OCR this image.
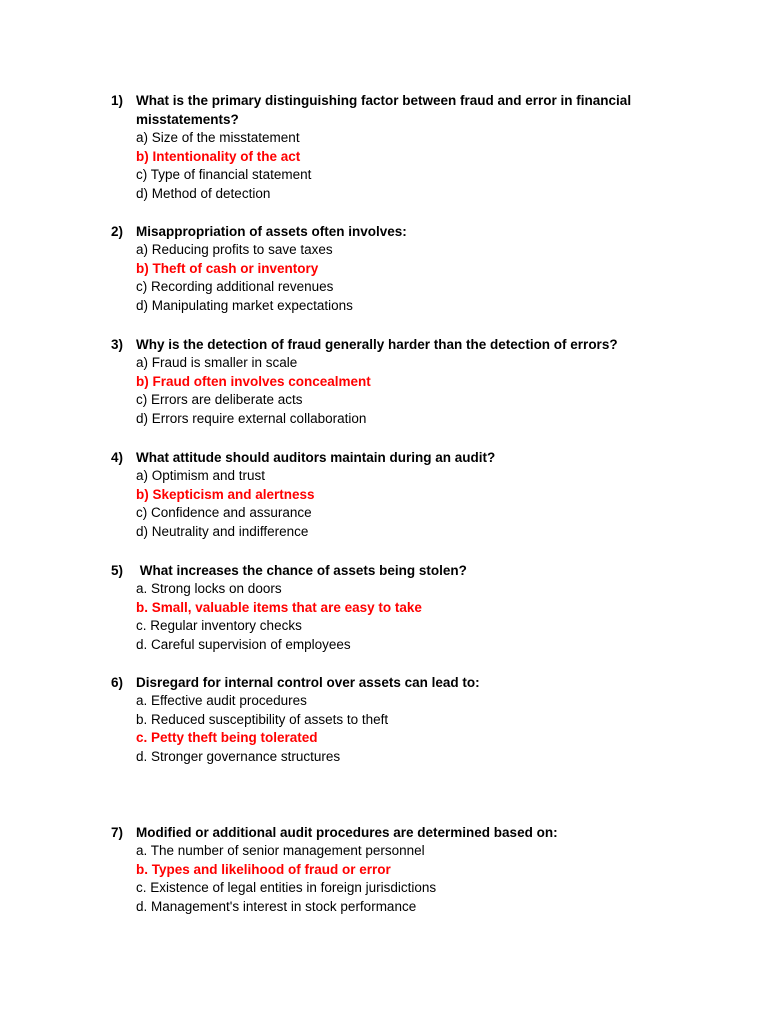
1) What is the primary distinguishing factor between fraud and error in financial misstatements?
a) Size of the misstatement
b) Intentionality of the act
c) Type of financial statement
d) Method of detection
2) Misappropriation of assets often involves:
a) Reducing profits to save taxes
b) Theft of cash or inventory
c) Recording additional revenues
d) Manipulating market expectations
3) Why is the detection of fraud generally harder than the detection of errors?
a) Fraud is smaller in scale
b) Fraud often involves concealment
c) Errors are deliberate acts
d) Errors require external collaboration
4) What attitude should auditors maintain during an audit?
a) Optimism and trust
b) Skepticism and alertness
c) Confidence and assurance
d) Neutrality and indifference
5) What increases the chance of assets being stolen?
a. Strong locks on doors
b. Small, valuable items that are easy to take
c. Regular inventory checks
d. Careful supervision of employees
6) Disregard for internal control over assets can lead to:
a. Effective audit procedures
b. Reduced susceptibility of assets to theft
c. Petty theft being tolerated
d. Stronger governance structures
7) Modified or additional audit procedures are determined based on:
a. The number of senior management personnel
b. Types and likelihood of fraud or error
c. Existence of legal entities in foreign jurisdictions
d. Management's interest in stock performance
